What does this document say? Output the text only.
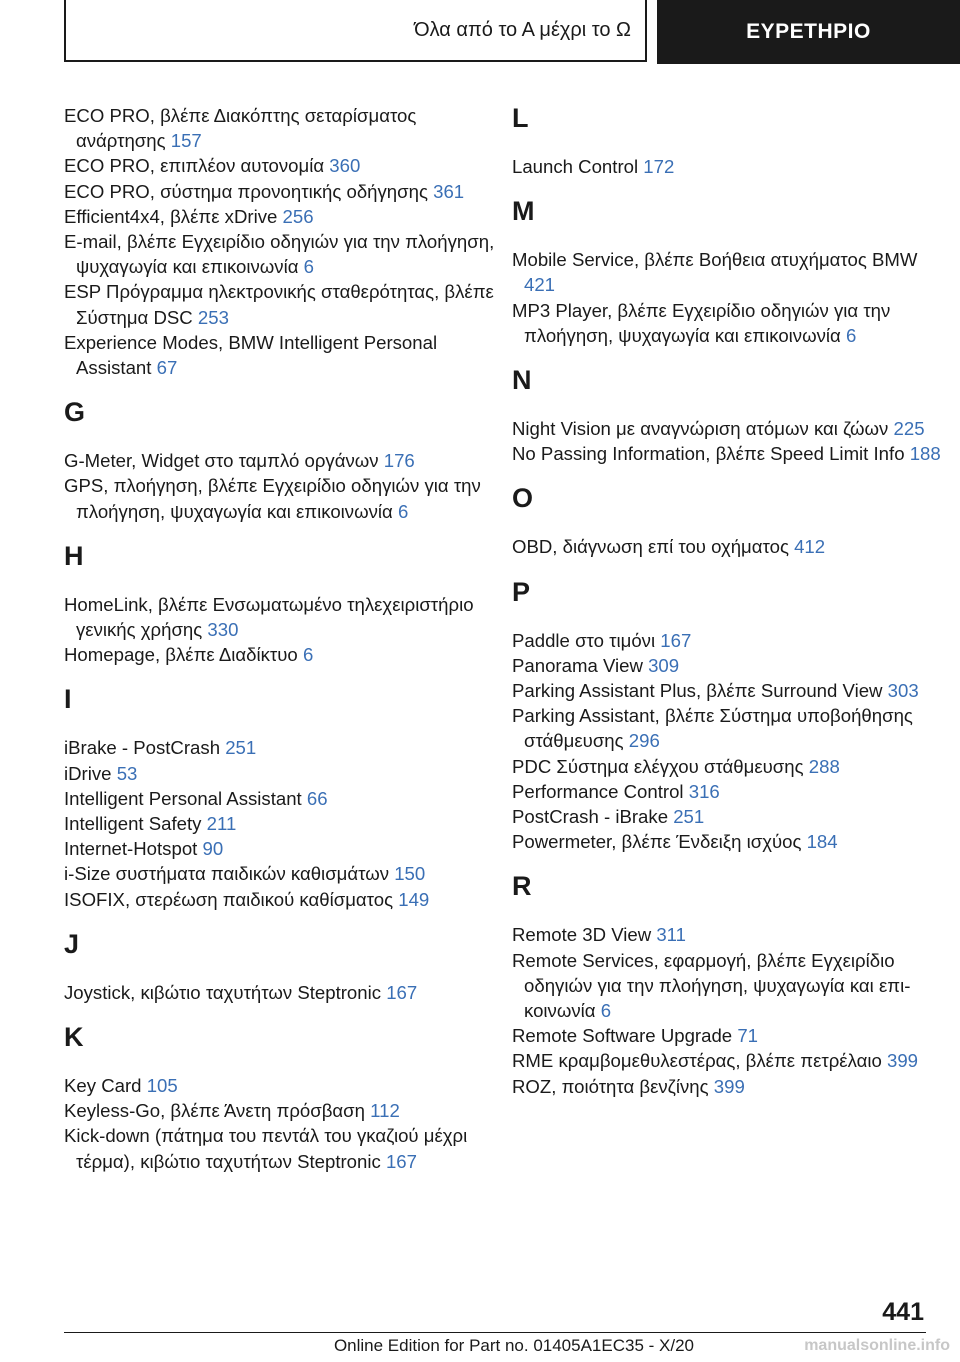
Όλα από το Α μέχρι το Ω	ΕΥΡΕΤΗΡΙΟ

ECO PRO, βλέπε Διακόπτης σεταρίσματος ανάρτησης 157

ECO PRO, επιπλέον αυτονομία 360

ECO PRO, σύστημα προνοητικής οδήγησης 361

Efficient4x4, βλέπε xDrive 256

E-mail, βλέπε Εγχειρίδιο οδηγιών για την πλοήγηση, ψυχαγωγία και επικοινωνία 6

ESP Πρόγραμμα ηλεκτρονικής σταθερότητας, βλέπε Σύστημα DSC 253

Experience Modes, BMW Intelligent Personal Assistant 67

G

G-Meter, Widget στο ταμπλό οργάνων 176

GPS, πλοήγηση, βλέπε Εγχειρίδιο οδηγιών για την πλοήγηση, ψυχαγωγία και επικοινωνία 6

H

HomeLink, βλέπε Ενσωματωμένο τηλεχειριστήριο γενικής χρήσης 330

Homepage, βλέπε Διαδίκτυο 6

I

iBrake - PostCrash 251

iDrive 53

Intelligent Personal Assistant 66

Intelligent Safety 211

Internet-Hotspot 90

i-Size συστήματα παιδικών καθισμάτων 150

ISOFIX, στερέωση παιδικού καθίσματος 149

J

Joystick, κιβώτιο ταχυτήτων Steptronic 167

K

Key Card 105

Keyless-Go, βλέπε Άνετη πρόσβαση 112

Kick-down (πάτημα του πεντάλ του γκαζιού μέχρι τέρμα), κιβώτιο ταχυτήτων Steptronic 167

L

Launch Control 172

M

Mobile Service, βλέπε Βοήθεια ατυχήματος BMW 421

MP3 Player, βλέπε Εγχειρίδιο οδηγιών για την πλοήγηση, ψυχαγωγία και επικοινωνία 6

N

Night Vision με αναγνώριση ατόμων και ζώων 225

No Passing Information, βλέπε Speed Limit Info 188

O

OBD, διάγνωση επί του οχήματος 412

P

Paddle στο τιμόνι 167

Panorama View 309

Parking Assistant Plus, βλέπε Surround View 303

Parking Assistant, βλέπε Σύστημα υποβοήθησης στάθμευσης 296

PDC Σύστημα ελέγχου στάθμευσης 288

Performance Control 316

PostCrash - iBrake 251

Powermeter, βλέπε Ένδειξη ισχύος 184

R

Remote 3D View 311

Remote Services, εφαρμογή, βλέπε Εγχειρίδιο οδηγιών για την πλοήγηση, ψυχαγωγία και επικοινωνία 6

Remote Software Upgrade 71

RME κραμβομεθυλεστέρας, βλέπε πετρέλαιο 399

ROZ, ποιότητα βενζίνης 399

441
Online Edition for Part no. 01405A1EC35 - X/20	manualsonline.info
